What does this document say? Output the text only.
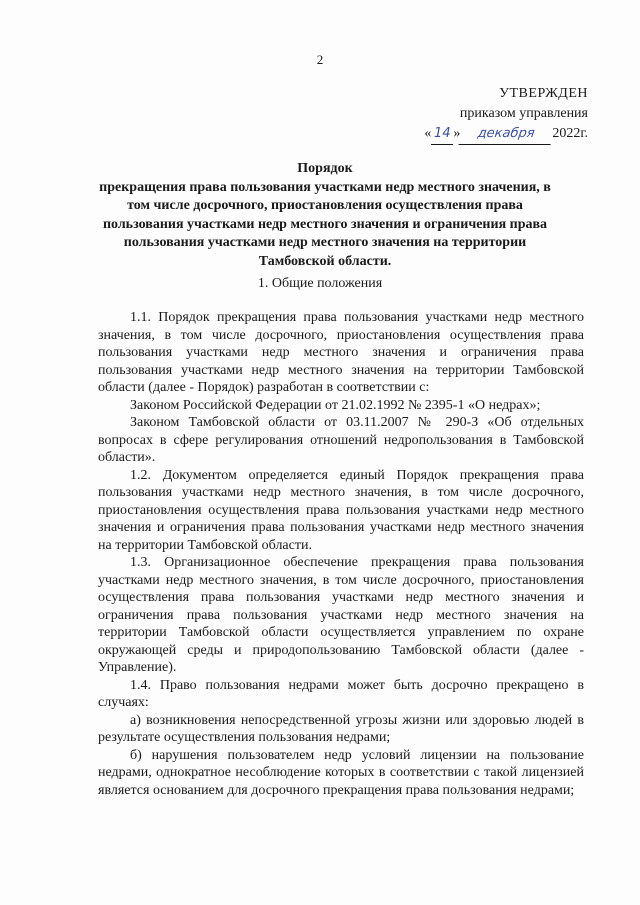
2
УТВЕРЖДЕН
приказом управления
« 14 » декабря 2022г.
Порядок
прекращения права пользования участками недр местного значения, в
том числе досрочного, приостановления осуществления права
пользования участками недр местного значения и ограничения права
пользования участками недр местного значения на территории
Тамбовской области.
1. Общие положения

1.1. Порядок прекращения права пользования участками недр местного значения, в том числе досрочного, приостановления осуществления права пользования участками недр местного значения и ограничения права пользования участками недр местного значения на территории Тамбовской области (далее - Порядок) разработан в соответствии с:

Законом Российской Федерации от 21.02.1992 № 2395-1 «О недрах»;

Законом Тамбовской области от 03.11.2007 № 290-З «Об отдельных вопросах в сфере регулирования отношений недропользования в Тамбовской области».

1.2. Документом определяется единый Порядок прекращения права пользования участками недр местного значения, в том числе досрочного, приостановления осуществления права пользования участками недр местного значения и ограничения права пользования участками недр местного значения на территории Тамбовской области.

1.3. Организационное обеспечение прекращения права пользования участками недр местного значения, в том числе досрочного, приостановления осуществления права пользования участками недр местного значения и ограничения права пользования участками недр местного значения на территории Тамбовской области осуществляется управлением по охране окружающей среды и природопользованию Тамбовской области (далее - Управление).

1.4. Право пользования недрами может быть досрочно прекращено в случаях:

а) возникновения непосредственной угрозы жизни или здоровью людей в результате осуществления пользования недрами;

б) нарушения пользователем недр условий лицензии на пользование недрами, однократное несоблюдение которых в соответствии с такой лицензией является основанием для досрочного прекращения права пользования недрами;
